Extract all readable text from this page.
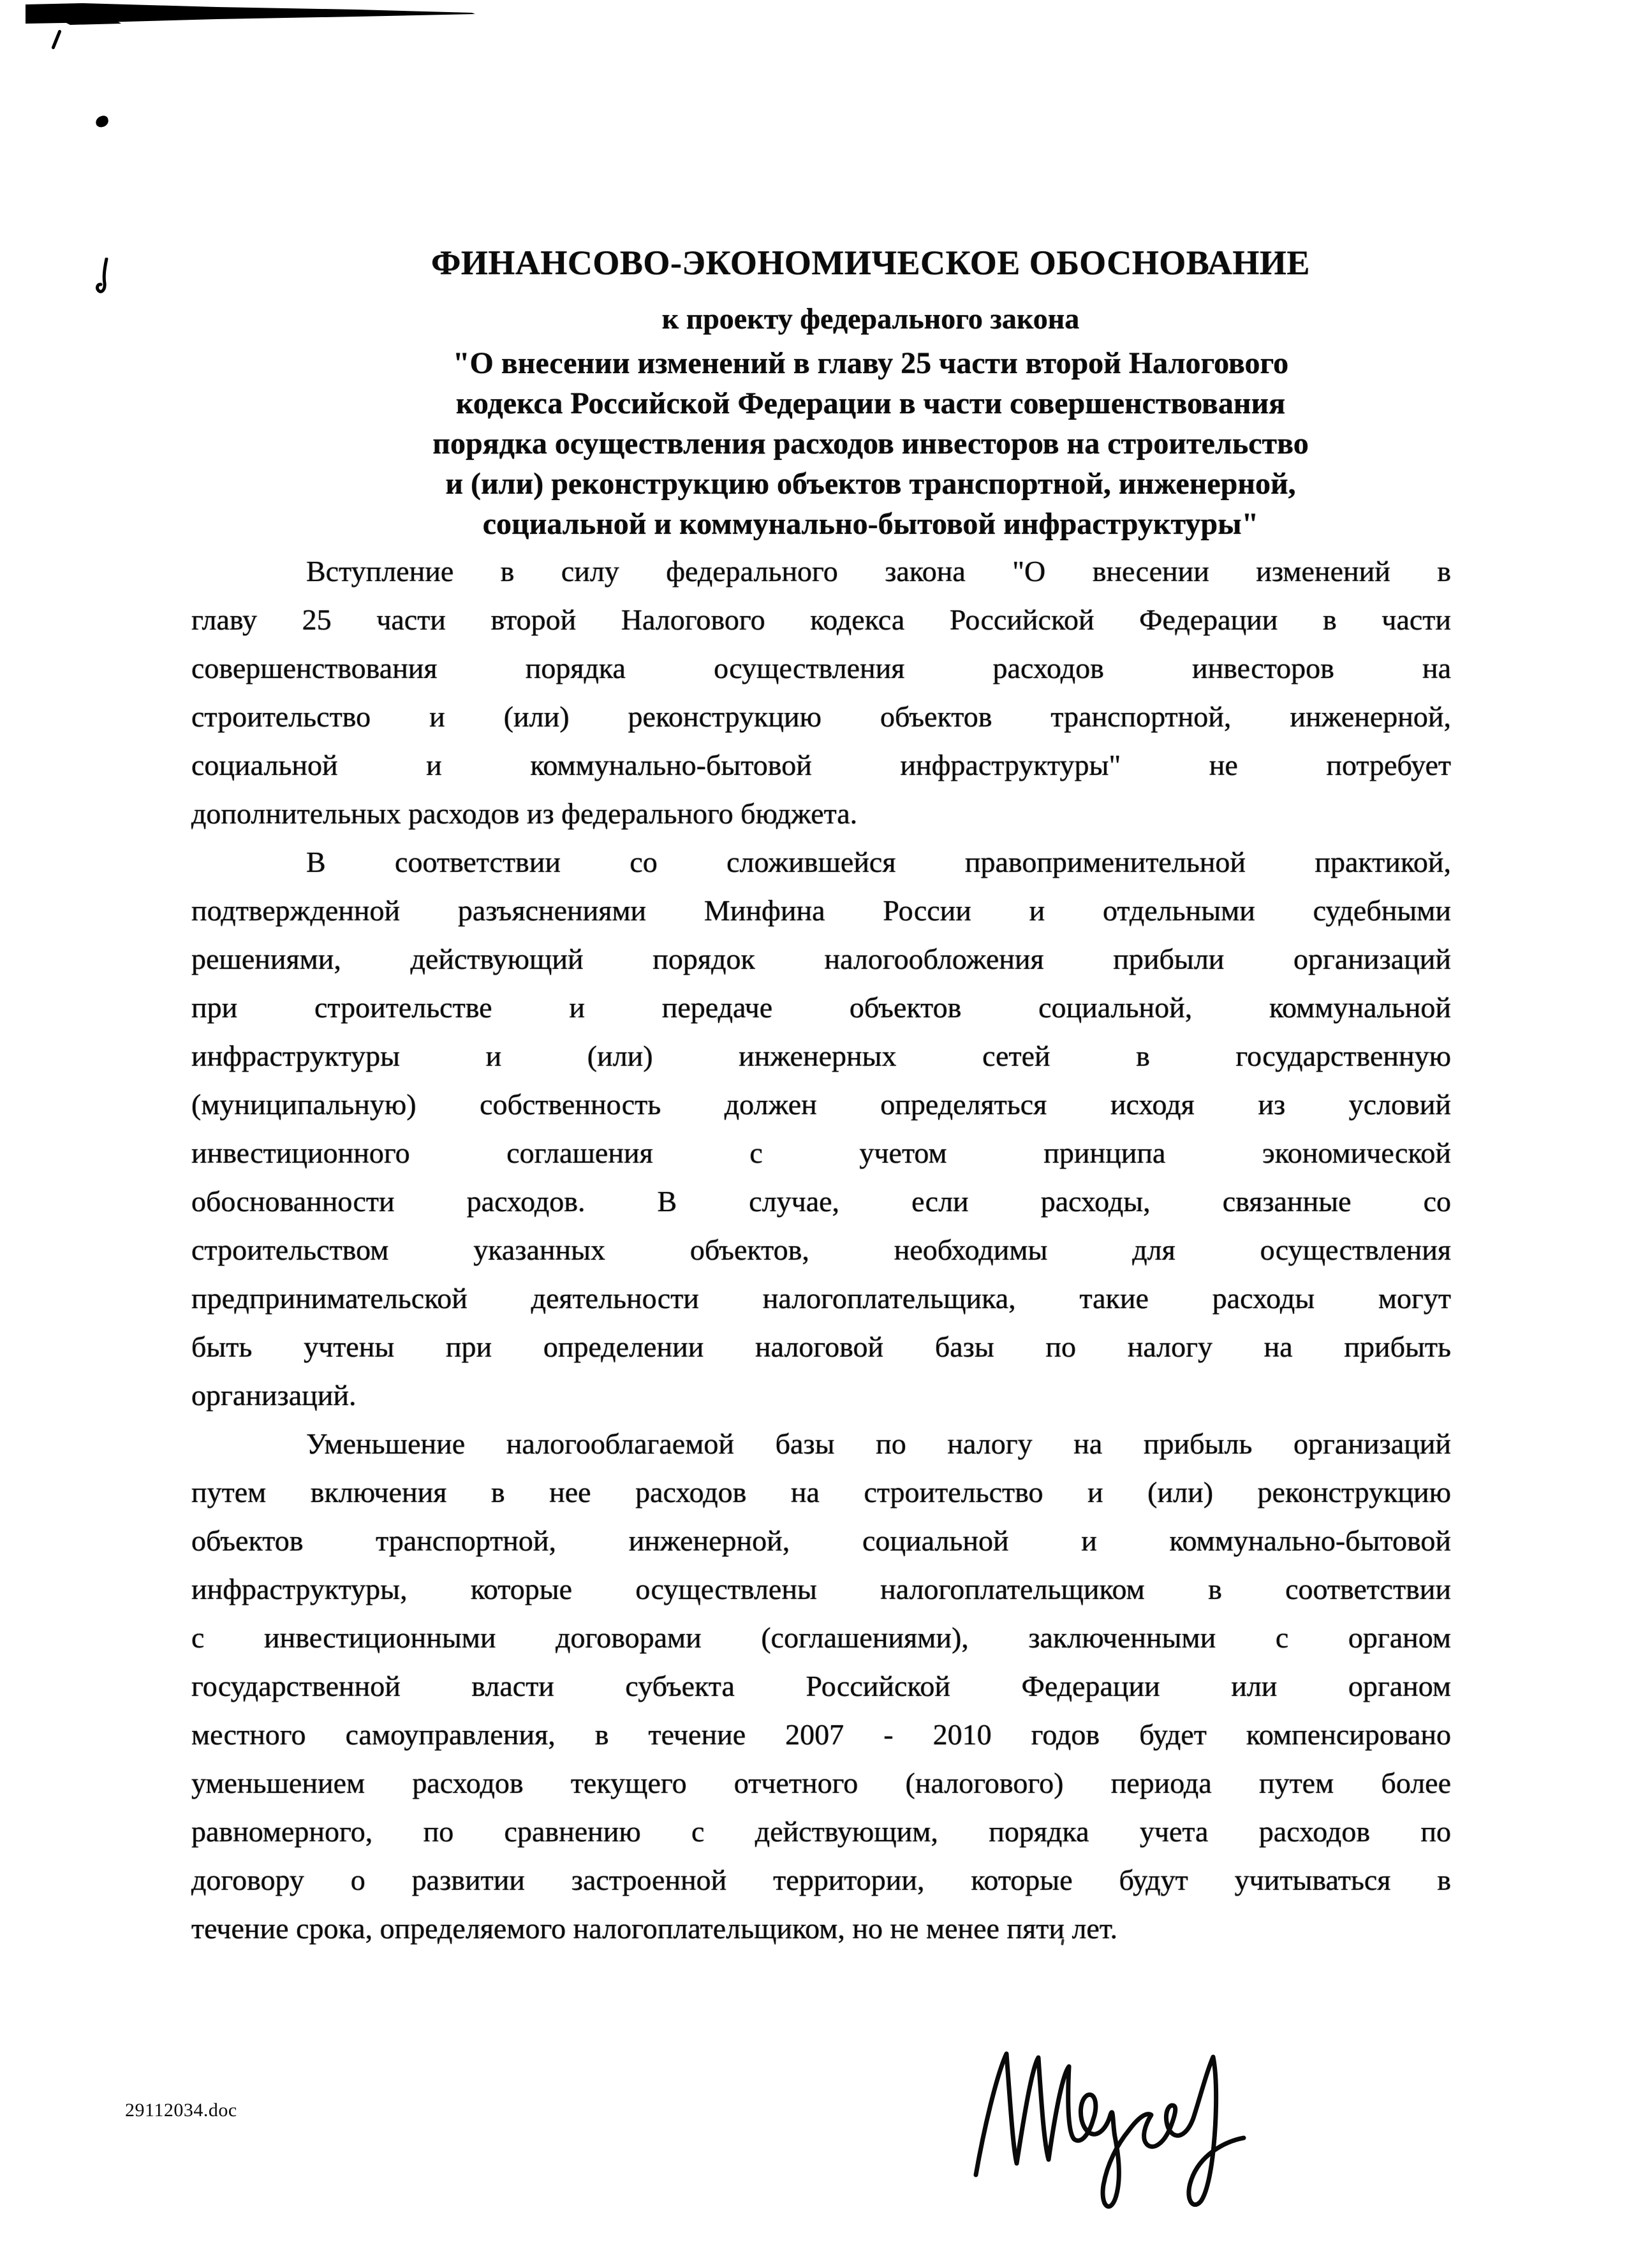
ФИНАНСОВО-ЭКОНОМИЧЕСКОЕ ОБОСНОВАНИЕ
к проекту федерального закона
"О внесении изменений в главу 25 части второй Налогового
кодекса Российской Федерации в части совершенствования
порядка осуществления расходов инвесторов на строительство
и (или) реконструкцию объектов транспортной, инженерной,
социальной и коммунально-бытовой инфраструктуры"
Вступление в силу федерального закона "О внесении изменений в
главу 25 части второй Налогового кодекса Российской Федерации в части
совершенствования порядка осуществления расходов инвесторов на
строительство и (или) реконструкцию объектов транспортной, инженерной,
социальной и коммунально-бытовой инфраструктуры" не потребует
дополнительных расходов из федерального бюджета.
В соответствии со сложившейся правоприменительной практикой,
подтвержденной разъяснениями Минфина России и отдельными судебными
решениями, действующий порядок налогообложения прибыли организаций
при строительстве и передаче объектов социальной, коммунальной
инфраструктуры и (или) инженерных сетей в государственную
(муниципальную) собственность должен определяться исходя из условий
инвестиционного соглашения с учетом принципа экономической
обоснованности расходов. В случае, если расходы, связанные со
строительством указанных объектов, необходимы для осуществления
предпринимательской деятельности налогоплательщика, такие расходы могут
быть учтены при определении налоговой базы по налогу на прибыть
организаций.
Уменьшение налогооблагаемой базы по налогу на прибыль организаций
путем включения в нее расходов на строительство и (или) реконструкцию
объектов транспортной, инженерной, социальной и коммунально-бытовой
инфраструктуры, которые осуществлены налогоплательщиком в соответствии
с инвестиционными договорами (соглашениями), заключенными с органом
государственной власти субъекта Российской Федерации или органом
местного самоуправления, в течение 2007 - 2010 годов будет компенсировано
уменьшением расходов текущего отчетного (налогового) периода путем более
равномерного, по сравнению с действующим, порядка учета расходов по
договору о развитии застроенной территории, которые будут учитываться в
течение срока, определяемого налогоплательщиком, но не менее пяти лет.
29112034.doc
